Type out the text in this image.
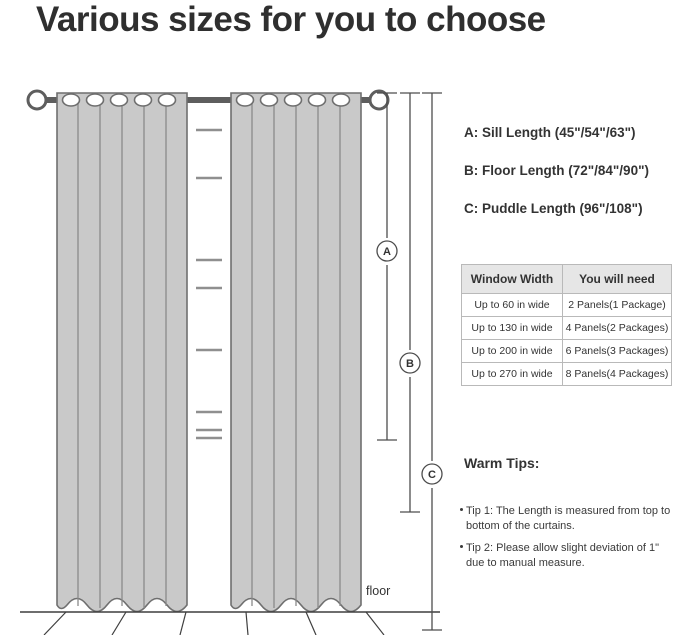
Various sizes for you to choose
A
B
C
floor
A: Sill Length (45"/54"/63")
B: Floor Length (72"/84"/90")
C: Puddle Length (96"/108")
Window Width	You will need
Up to 60 in wide	2 Panels(1 Package)
Up to 130 in wide	4 Panels(2 Packages)
Up to 200 in wide	6 Panels(3 Packages)
Up to 270 in wide	8 Panels(4 Packages)
Warm Tips:
Tip 1: The Length is measured from top to bottom of the curtains.
Tip 2: Please allow slight deviation of 1" due to manual measure.
